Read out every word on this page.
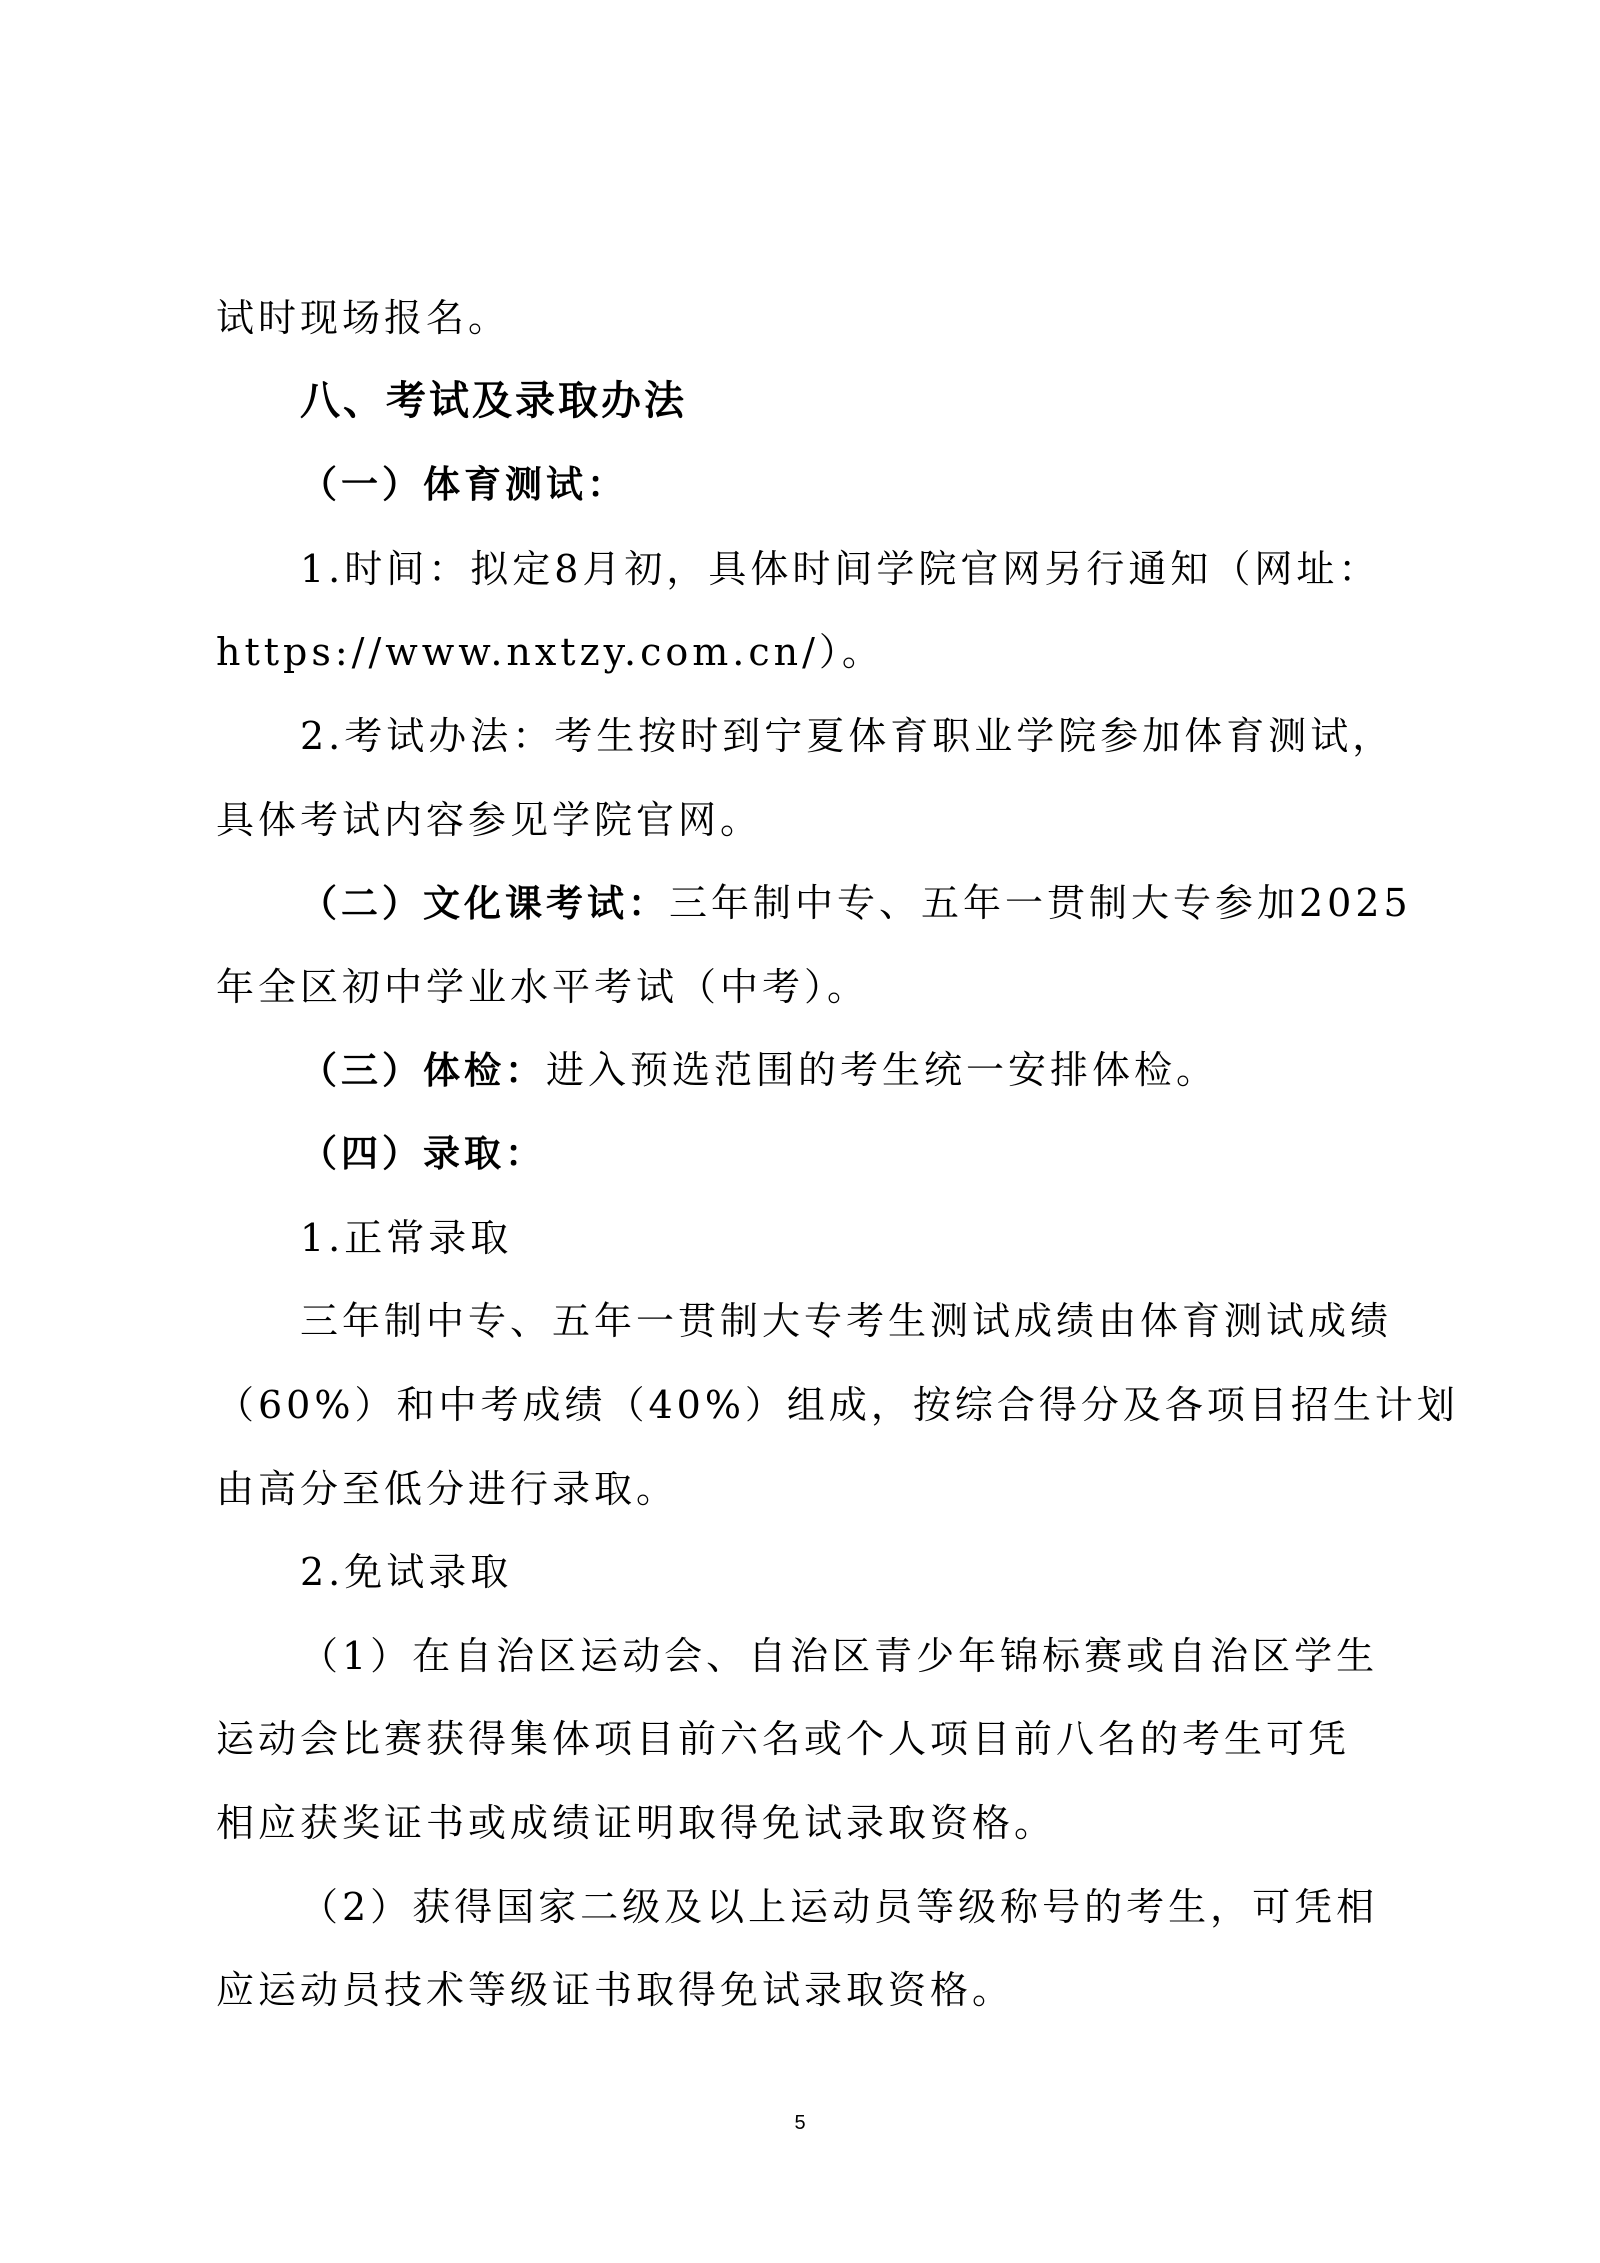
试时现场报名。

八、考试及录取办法

（一）体育测试：

1.时间：拟定8月初，具体时间学院官网另行通知（网址：

https://www.nxtzy.com.cn/）。

2.考试办法：考生按时到宁夏体育职业学院参加体育测试，

具体考试内容参见学院官网。

（二）文化课考试：三年制中专、五年一贯制大专参加2025

年全区初中学业水平考试（中考）。

（三）体检：进入预选范围的考生统一安排体检。

（四）录取：

1.正常录取

三年制中专、五年一贯制大专考生测试成绩由体育测试成绩

（60%）和中考成绩（40%）组成，按综合得分及各项目招生计划

由高分至低分进行录取。

2.免试录取

（1）在自治区运动会、自治区青少年锦标赛或自治区学生

运动会比赛获得集体项目前六名或个人项目前八名的考生可凭

相应获奖证书或成绩证明取得免试录取资格。

（2）获得国家二级及以上运动员等级称号的考生，可凭相

应运动员技术等级证书取得免试录取资格。

5
